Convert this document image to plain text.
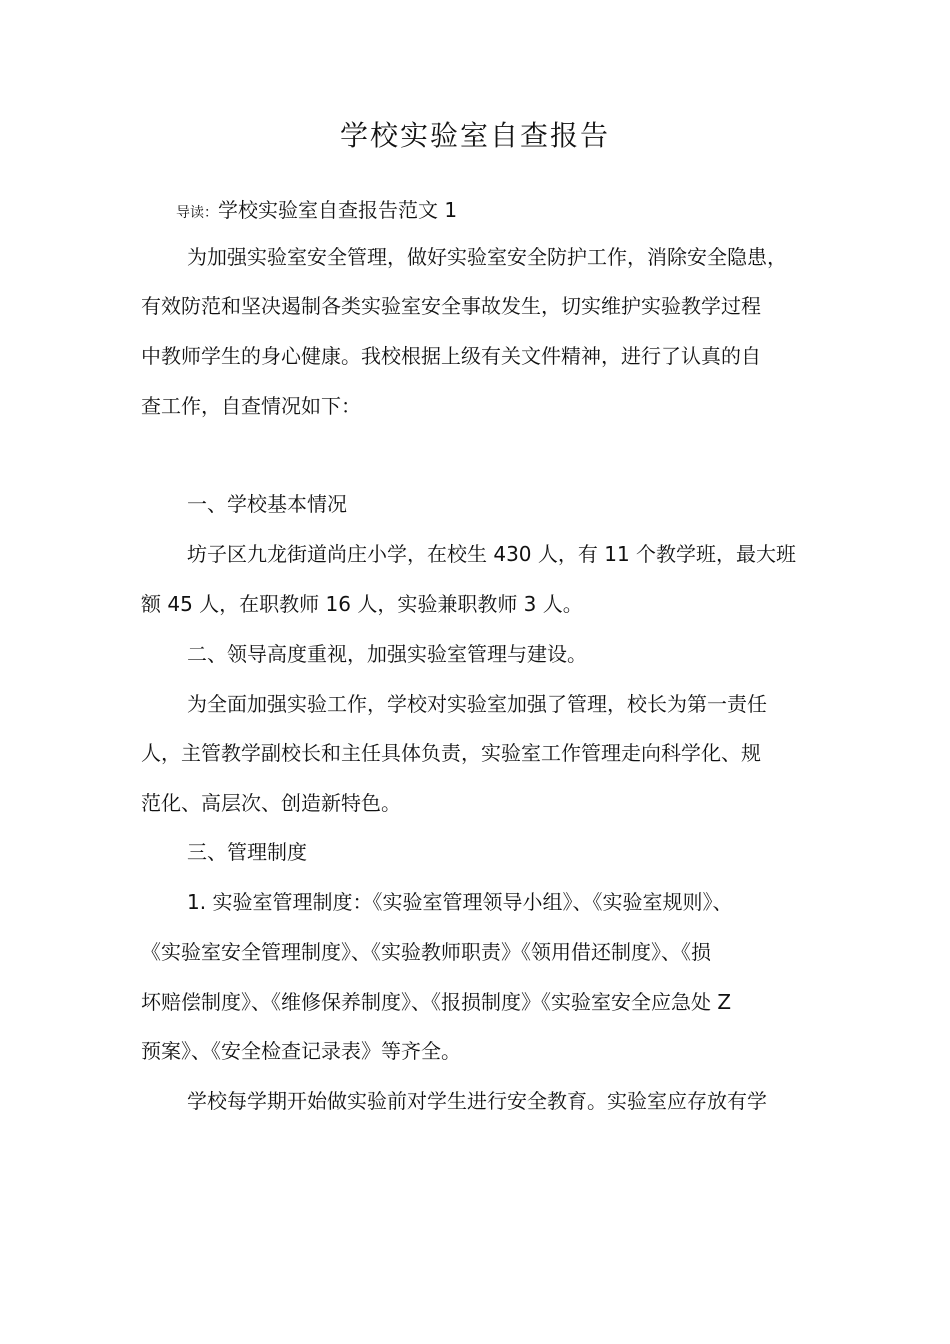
学校实验室自查报告
导读：学校实验室自查报告范文 1
为加强实验室安全管理，做好实验室安全防护工作，消除安全隐患，
有效防范和坚决遏制各类实验室安全事故发生，切实维护实验教学过程
中教师学生的身心健康。我校根据上级有关文件精神，进行了认真的自
查工作，自查情况如下：
一、学校基本情况
坊子区九龙街道尚庄小学，在校生 430 人，有 11 个教学班，最大班
额 45 人，在职教师 16 人，实验兼职教师 3 人。
二、领导高度重视，加强实验室管理与建设。
为全面加强实验工作，学校对实验室加强了管理，校长为第一责任
人，主管教学副校长和主任具体负责，实验室工作管理走向科学化、规
范化、高层次、创造新特色。
三、管理制度
1. 实验室管理制度：《实验室管理领导小组》、《实验室规则》、
《实验室安全管理制度》、《实验教师职责》《领用借还制度》、《损
坏赔偿制度》、《维修保养制度》、《报损制度》《实验室安全应急处 Z
预案》、《安全检查记录表》等齐全。
学校每学期开始做实验前对学生进行安全教育。实验室应存放有学
